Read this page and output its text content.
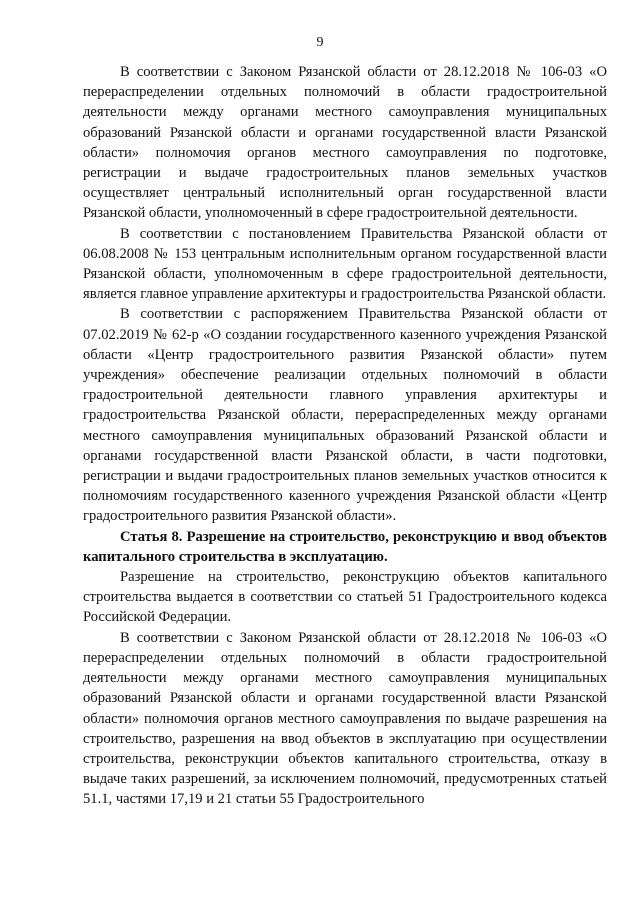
9

В соответствии с Законом Рязанской области от 28.12.2018 № 106-03 «О перераспределении отдельных полномочий в области градостроительной деятельности между органами местного самоуправления муниципальных образований Рязанской области и органами государственной власти Рязанской области» полномочия органов местного самоуправления по подготовке, регистрации и выдаче градостроительных планов земельных участков осуществляет центральный исполнительный орган государственной власти Рязанской области, уполномоченный в сфере градостроительной деятельности.

В соответствии с постановлением Правительства Рязанской области от 06.08.2008 № 153 центральным исполнительным органом государственной власти Рязанской области, уполномоченным в сфере градостроительной деятельности, является главное управление архитектуры и градостроительства Рязанской области.

В соответствии с распоряжением Правительства Рязанской области от 07.02.2019 № 62-р «О создании государственного казенного учреждения Рязанской области «Центр градостроительного развития Рязанской области» путем учреждения» обеспечение реализации отдельных полномочий в области градостроительной деятельности главного управления архитектуры и градостроительства Рязанской области, перераспределенных между органами местного самоуправления муниципальных образований Рязанской области и органами государственной власти Рязанской области, в части подготовки, регистрации и выдачи градостроительных планов земельных участков относится к полномочиям государственного казенного учреждения Рязанской области «Центр градостроительного развития Рязанской области».

Статья 8. Разрешение на строительство, реконструкцию и ввод объектов капитального строительства в эксплуатацию.

Разрешение на строительство, реконструкцию объектов капитального строительства выдается в соответствии со статьей 51 Градостроительного кодекса Российской Федерации.

В соответствии с Законом Рязанской области от 28.12.2018 № 106-03 «О перераспределении отдельных полномочий в области градостроительной деятельности между органами местного самоуправления муниципальных образований Рязанской области и органами государственной власти Рязанской области» полномочия органов местного самоуправления по выдаче разрешения на строительство, разрешения на ввод объектов в эксплуатацию при осуществлении строительства, реконструкции объектов капитального строительства, отказу в выдаче таких разрешений, за исключением полномочий, предусмотренных статьей 51.1, частями 17,19 и 21 статьи 55 Градостроительного
